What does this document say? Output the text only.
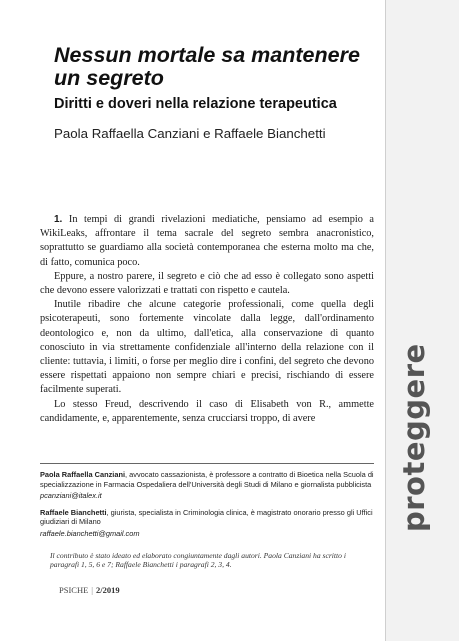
proteggere
Nessun mortale sa mantenere un segreto
Diritti e doveri nella relazione terapeutica
Paola Raffaella Canziani e Raffaele Bianchetti

1. In tempi di grandi rivelazioni mediatiche, pensiamo ad esempio a WikiLeaks, affrontare il tema sacrale del segreto sembra anacronistico, soprattutto se guardiamo alla società contemporanea che esterna molto ma che, di fatto, comunica poco.

Eppure, a nostro parere, il segreto e ciò che ad esso è collegato sono aspetti che devono essere valorizzati e trattati con rispetto e cautela.

Inutile ribadire che alcune categorie professionali, come quella degli psicoterapeuti, sono fortemente vincolate dalla legge, dall'ordinamento deontologico e, non da ultimo, dall'etica, alla conservazione di quanto conosciuto in via strettamente confidenziale all'interno della relazione con il cliente: tuttavia, i limiti, o forse per meglio dire i confini, del segreto che devono essere rispettati appaiono non sempre chiari e precisi, rischiando di essere facilmente superati.

Lo stesso Freud, descrivendo il caso di Elisabeth von R., ammette candidamente, e, apparentemente, senza crucciarsi troppo, di avere

Paola Raffaella Canziani, avvocato cassazionista, è professore a contratto di Bioetica nella Scuola di specializzazione in Farmacia Ospedaliera dell'Università degli Studi di Milano e giornalista pubblicista

pcanziani@italex.it

Raffaele Bianchetti, giurista, specialista in Criminologia clinica, è magistrato onorario presso gli Uffici giudiziari di Milano

raffaele.bianchetti@gmail.com

Il contributo è stato ideato ed elaborato congiuntamente dagli autori. Paola Canziani ha scritto i paragrafi 1, 5, 6 e 7; Raffaele Bianchetti i paragrafi 2, 3, 4.
PSICHE | 2/2019
